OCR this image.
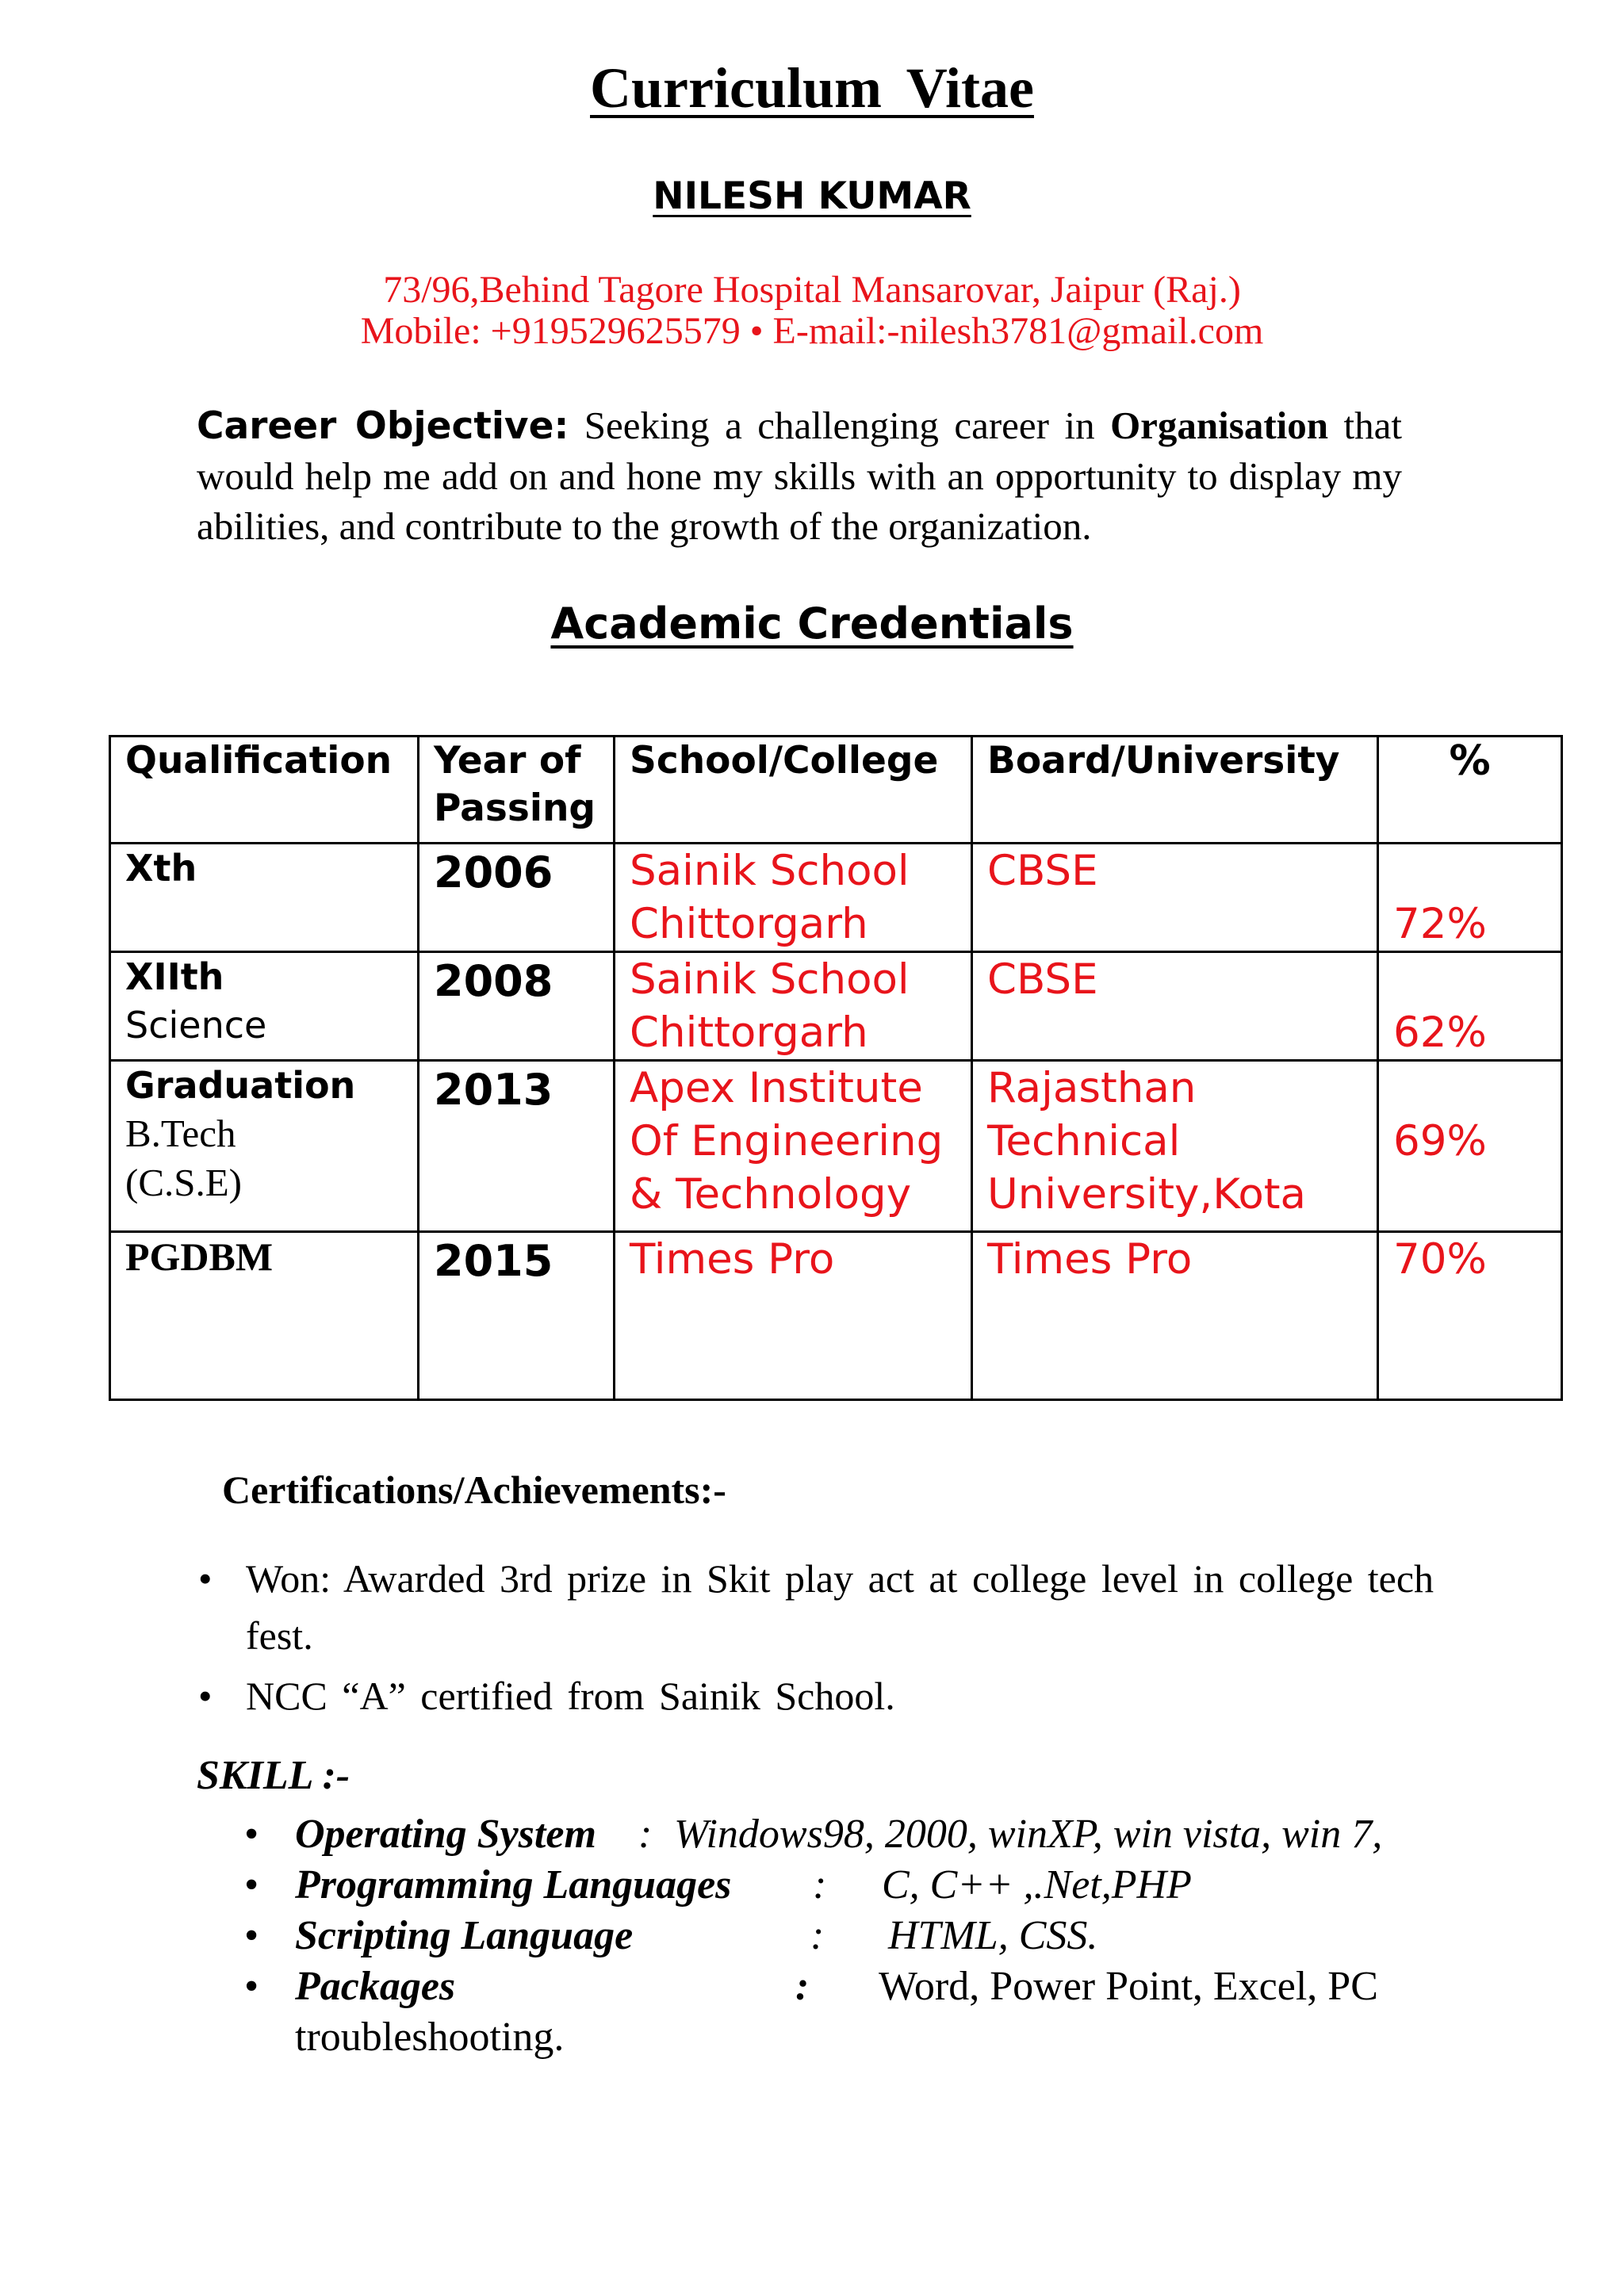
Curriculum Vitae
NILESH KUMAR
73/96,Behind Tagore Hospital Mansarovar, Jaipur (Raj.)
Mobile: +919529625579 • E-mail:-nilesh3781@gmail.com
Career Objective: Seeking a challenging career in Organisation that would help me add on and hone my skills with an opportunity to display my abilities, and contribute to the growth of the organization.
Academic Credentials
Qualification	Year of Passing	School/College	Board/University	%

Xth	2006	Sainik School Chittorgarh	CBSE	72%

XIIth
Science	2008	Sainik School Chittorgarh	CBSE	62%

Graduation
B.Tech
(C.S.E)	2013	Apex Institute Of Engineering & Technology	Rajasthan Technical University,Kota	69%

PGDBM	2015	Times Pro	Times Pro	70%
Certifications/Achievements:-
• Won: Awarded 3rd prize in Skit play act at college level in college tech fest.
• NCC “A” certified from Sainik School.
SKILL :-
• Operating System : Windows98, 2000, winXP, win vista, win 7,
• Programming Languages : C, C++ ,.Net,PHP
• Scripting Language	: HTML, CSS.
• Packages	: Word, Power Point, Excel, PC
troubleshooting.
